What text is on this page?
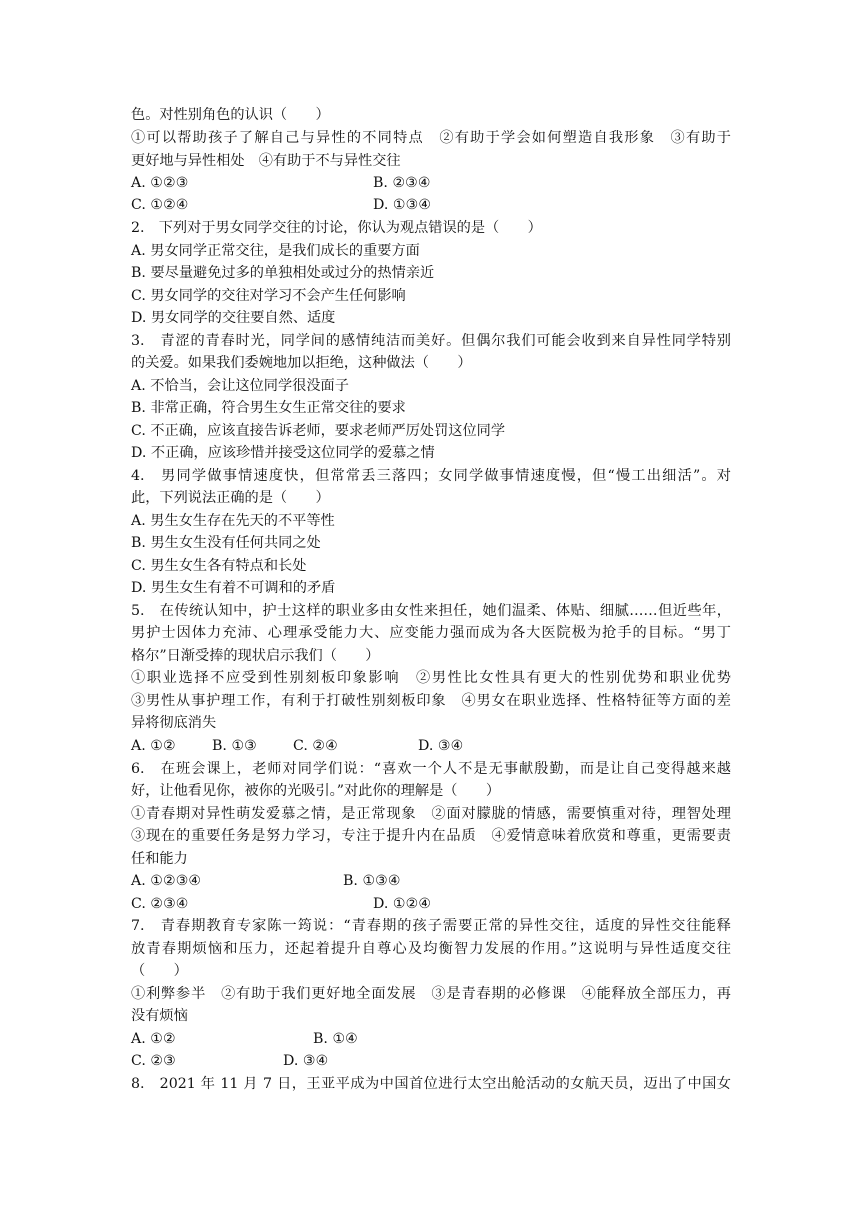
色。对性别角色的认识（　　）
①可以帮助孩子了解自己与异性的不同特点　②有助于学会如何塑造自我形象　③有助于
更好地与异性相处　④有助于不与异性交往
A. ①②③	B. ②③④
C. ①②④	D. ①③④
2.　下列对于男女同学交往的讨论，你认为观点错误的是（　　）
A. 男女同学正常交往，是我们成长的重要方面
B. 要尽量避免过多的单独相处或过分的热情亲近
C. 男女同学的交往对学习不会产生任何影响
D. 男女同学的交往要自然、适度
3.　青涩的青春时光，同学间的感情纯洁而美好。但偶尔我们可能会收到来自异性同学特别
的关爱。如果我们委婉地加以拒绝，这种做法（　　）
A. 不恰当，会让这位同学很没面子
B. 非常正确，符合男生女生正常交往的要求
C. 不正确，应该直接告诉老师，要求老师严厉处罚这位同学
D. 不正确，应该珍惜并接受这位同学的爱慕之情
4.　男同学做事情速度快，但常常丢三落四；女同学做事情速度慢，但“慢工出细活”。对
此，下列说法正确的是（　　）
A. 男生女生存在先天的不平等性
B. 男生女生没有任何共同之处
C. 男生女生各有特点和长处
D. 男生女生有着不可调和的矛盾
5.　在传统认知中，护士这样的职业多由女性来担任，她们温柔、体贴、细腻……但近些年，
男护士因体力充沛、心理承受能力大、应变能力强而成为各大医院极为抢手的目标。“男丁
格尔”日渐受捧的现状启示我们（　　）
①职业选择不应受到性别刻板印象影响　②男性比女性具有更大的性别优势和职业优势
③男性从事护理工作，有利于打破性别刻板印象　④男女在职业选择、性格特征等方面的差
异将彻底消失
A. ①②	B. ①③	C. ②④	D. ③④
6.　在班会课上，老师对同学们说：“喜欢一个人不是无事献殷勤，而是让自己变得越来越
好，让他看见你，被你的光吸引。”对此你的理解是（　　）
①青春期对异性萌发爱慕之情，是正常现象　②面对朦胧的情感，需要慎重对待，理智处理
③现在的重要任务是努力学习，专注于提升内在品质　④爱情意味着欣赏和尊重，更需要责
任和能力
A. ①②③④	B. ①③④
C. ②③④	D. ①②④
7.　青春期教育专家陈一筠说：“青春期的孩子需要正常的异性交往，适度的异性交往能释
放青春期烦恼和压力，还起着提升自尊心及均衡智力发展的作用。”这说明与异性适度交往
（　　）
①利弊参半　②有助于我们更好地全面发展　③是青春期的必修课　④能释放全部压力，再
没有烦恼
A. ①②	B. ①④
C. ②③	D. ③④
8.　2021 年 11 月 7 日，王亚平成为中国首位进行太空出舱活动的女航天员，迈出了中国女
